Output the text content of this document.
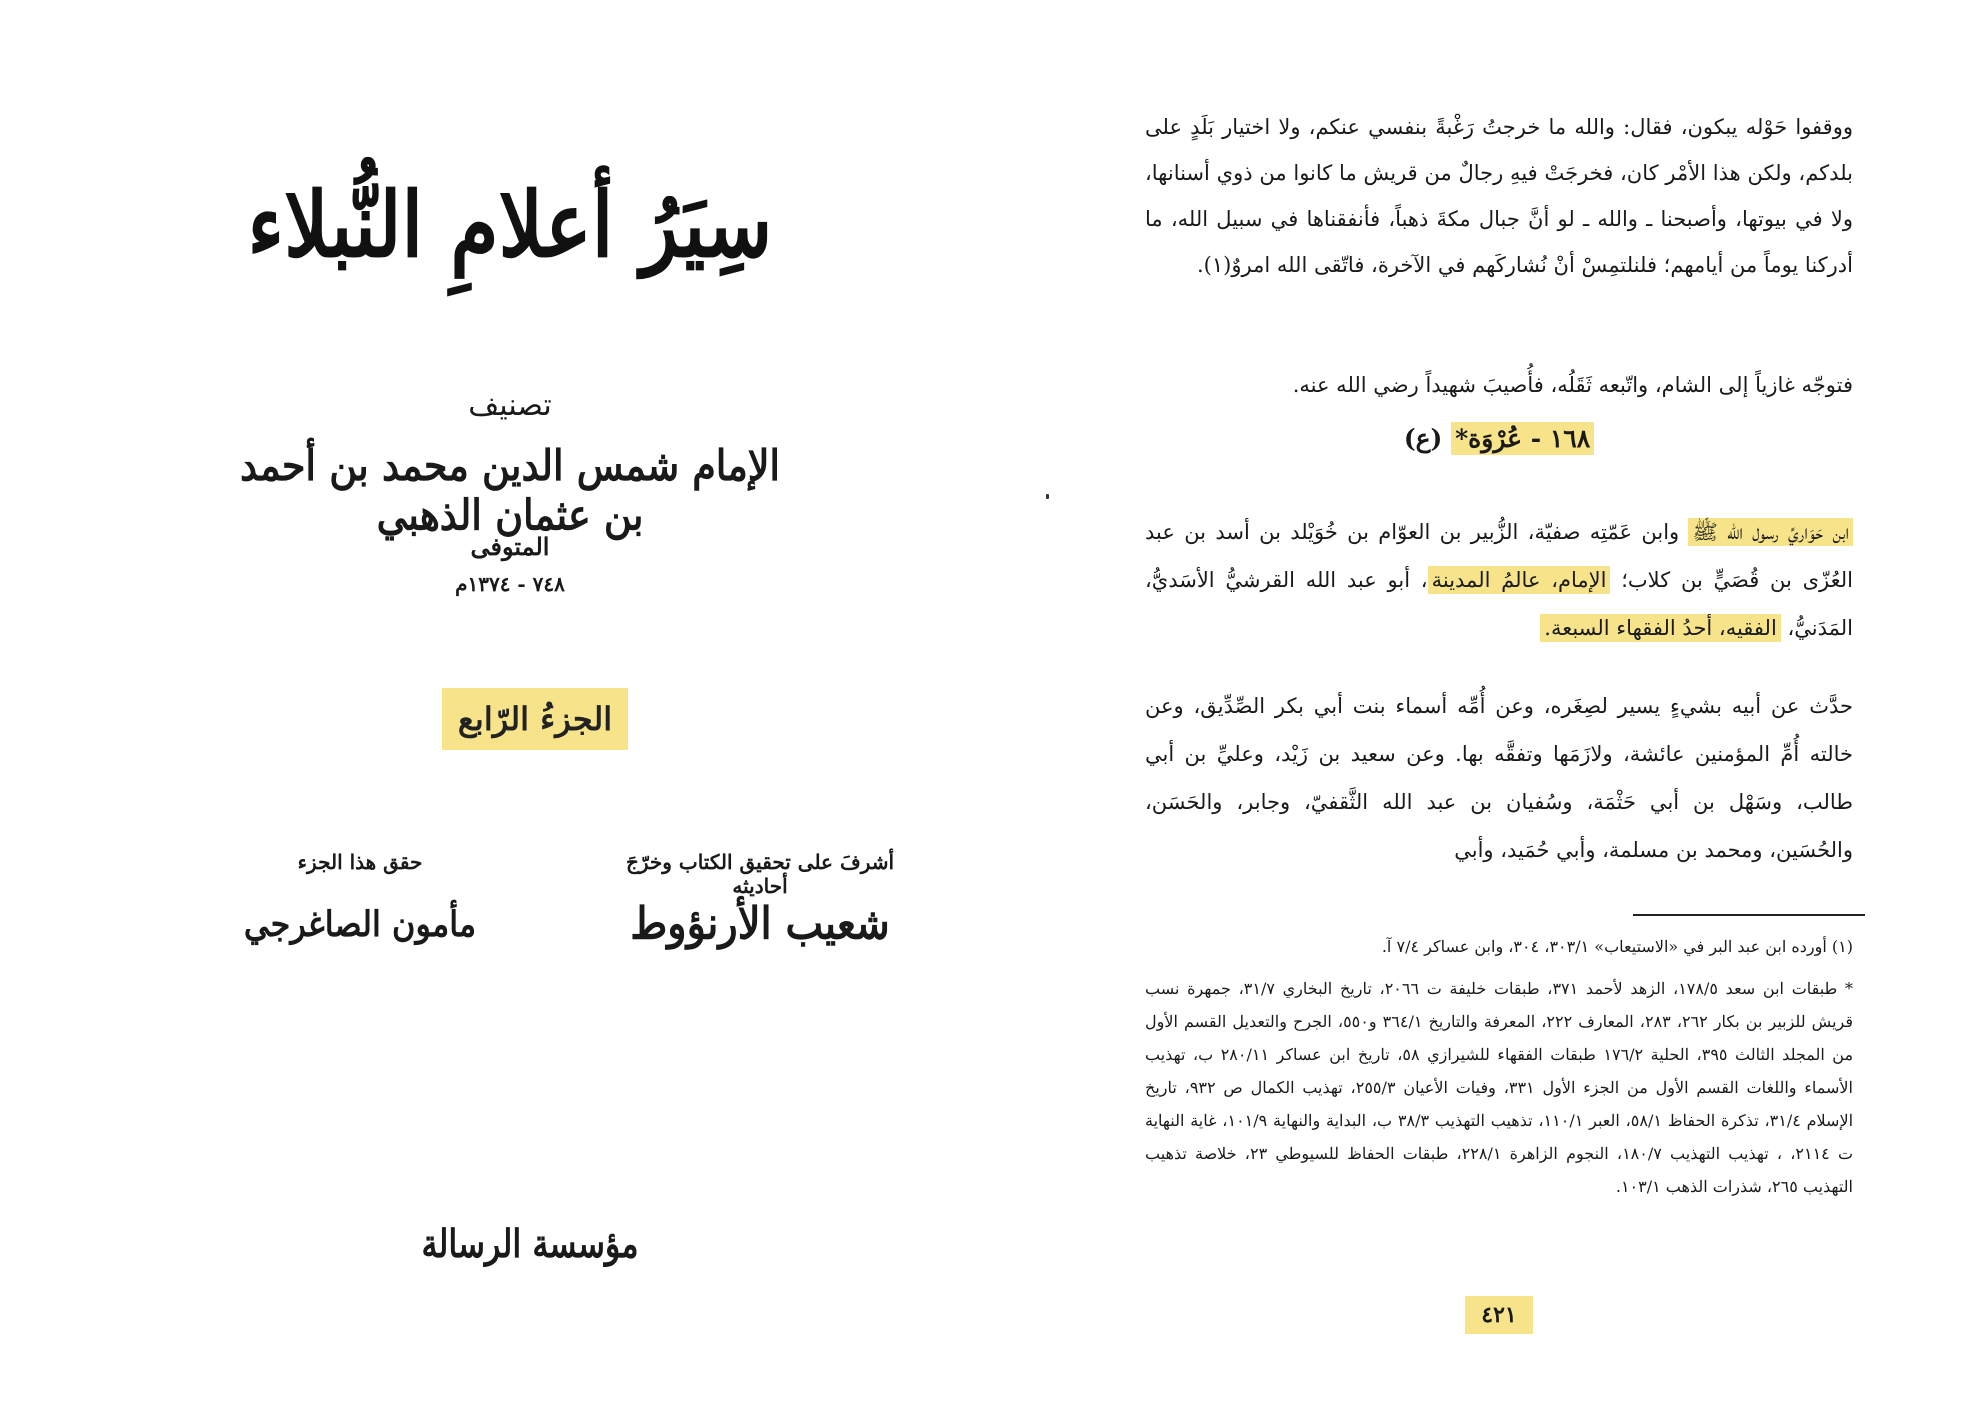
سِيَرُ أعلامِ النُّبلاء
تصنيف
الإمام شمس الدين محمد بن أحمد بن عثمان الذهبي
المتوفى
٧٤٨ - ١٣٧٤م
الجزءُ الرّابع
أشرفَ على تحقيق الكتاب وخرّجَ أحاديثه
شعيب الأرنؤوط
حقق هذا الجزء
مأمون الصاغرجي
مؤسسة الرسالة
ووقفوا حَوْله يبكون، فقال: والله ما خرجتُ رَغْبةً بنفسي عنكم، ولا اختيار بَلَدٍ على بلدكم، ولكن هذا الأمْر كان، فخرجَتْ فيهِ رجالٌ من قريش ما كانوا من ذوي أسنانها، ولا في بيوتها، وأصبحنا ـ والله ـ لو أنَّ جبال مكةَ ذهباً، فأنفقناها في سبيل الله، ما أدركنا يوماً من أيامهم؛ فلنلتمِسْ أنْ نُشاركَهم في الآخرة، فاتّقى الله امروٌ(١).
فتوجّه غازياً إلى الشام، واتّبعه ثَقَلُه، فأُصيبَ شهيداً رضي الله عنه.
١٦٨ - عُرْوَة* (ع)
ابن حَوَاريِّ رسول الله ﷺ وابن عَمّتِه صفيّة، الزُّبير بن العوّام بن خُوَيْلد بن أسد بن عبد العُزّى بن قُصَيٍّ بن كلاب؛ الإمام، عالمُ المدينة، أبو عبد الله القرشيُّ الأسَديُّ، المَدَنيُّ، الفقيه، أحدُ الفقهاء السبعة.
حدَّث عن أبيه بشيءٍ يسير لصِغَره، وعن أُمِّه أسماء بنت أبي بكر الصِّدِّيق، وعن خالته أُمِّ المؤمنين عائشة، ولازَمَها وتفقَّه بها. وعن سعيد بن زَيْد، وعليِّ بن أبي طالب، وسَهْل بن أبي حَثْمَة، وسُفيان بن عبد الله الثَّقفيّ، وجابر، والحَسَن، والحُسَين، ومحمد بن مسلمة، وأبي حُمَيد، وأبي
(١) أورده ابن عبد البر في «الاستيعاب» ٣٠٣/١، ٣٠٤، وابن عساكر ٧/٤ آ.
* طبقات ابن سعد ١٧٨/٥، الزهد لأحمد ٣٧١، طبقات خليفة ت ٢٠٦٦، تاريخ البخاري ٣١/٧، جمهرة نسب قريش للزبير بن بكار ٢٦٢، ٢٨٣، المعارف ٢٢٢، المعرفة والتاريخ ٣٦٤/١ و٥٥٠، الجرح والتعديل القسم الأول من المجلد الثالث ٣٩٥، الحلية ١٧٦/٢ طبقات الفقهاء للشيرازي ٥٨، تاريخ ابن عساكر ٢٨٠/١١ ب، تهذيب الأسماء واللغات القسم الأول من الجزء الأول ٣٣١، وفيات الأعيان ٢٥٥/٣، تهذيب الكمال ص ٩٣٢، تاريخ الإسلام ٣١/٤، تذكرة الحفاظ ٥٨/١، العبر ١١٠/١، تذهيب التهذيب ٣٨/٣ ب، البداية والنهاية ١٠١/٩، غاية النهاية ت ٢١١٤، ، تهذيب التهذيب ١٨٠/٧، النجوم الزاهرة ٢٢٨/١، طبقات الحفاظ للسيوطي ٢٣، خلاصة تذهيب التهذيب ٢٦٥، شذرات الذهب ١٠٣/١.
٤٢١
